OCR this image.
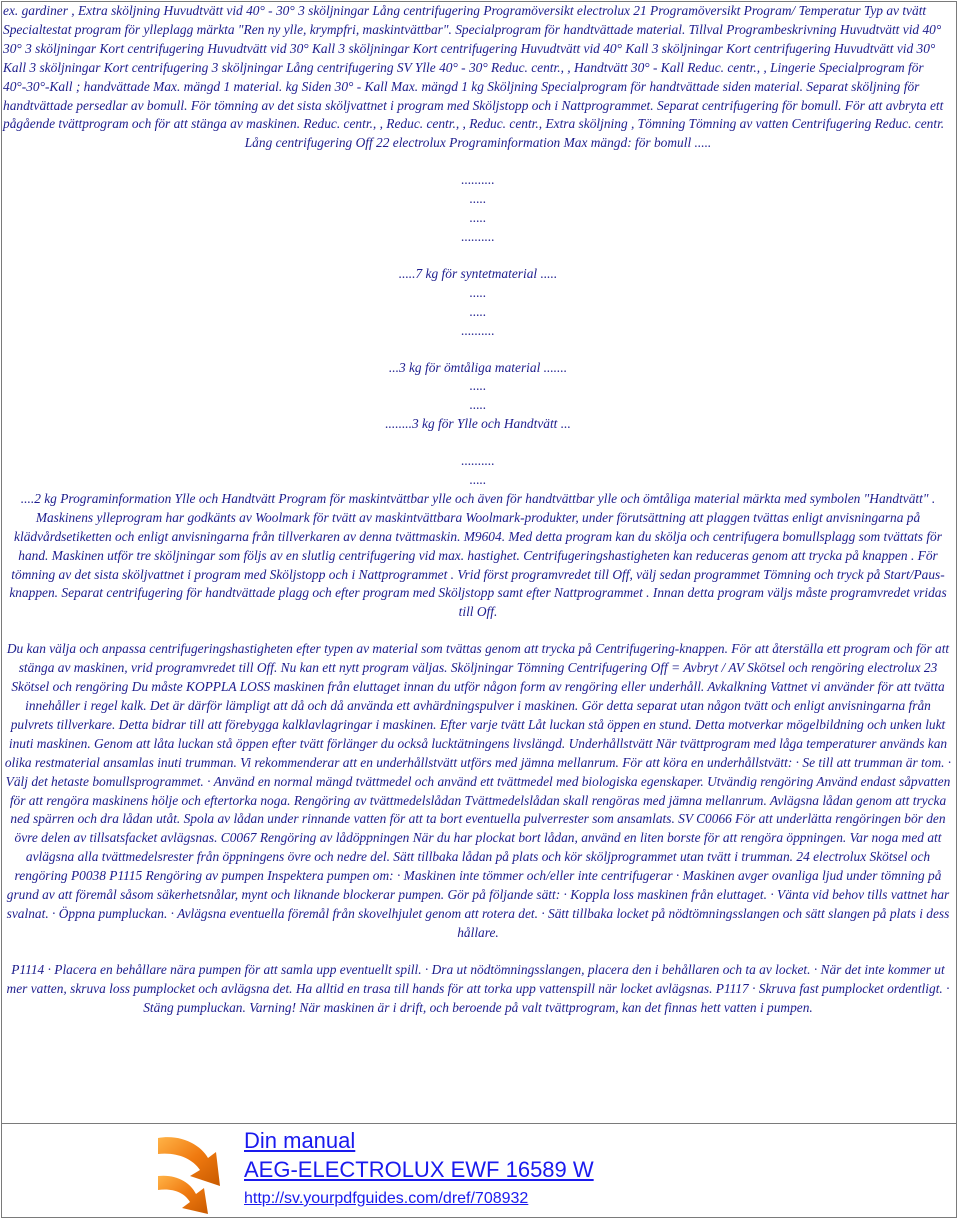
ex. gardiner , Extra sköljning Huvudtvätt vid 40° - 30° 3 sköljningar Lång centrifugering Programöversikt electrolux 21 Programöversikt Program/ Temperatur Typ av tvätt Specialtestat program för ylleplagg märkta "Ren ny ylle, krympfri, maskintvättbar". Specialprogram för handtvättade material. Tillval Programbeskrivning Huvudtvätt vid 40° 30° 3 sköljningar Kort centrifugering Huvudtvätt vid 30° Kall 3 sköljningar Kort centrifugering Huvudtvätt vid 40° Kall 3 sköljningar Kort centrifugering Huvudtvätt vid 30° Kall 3 sköljningar Kort centrifugering 3 sköljningar Lång centrifugering SV Ylle 40° - 30° Reduc. centr., , Handtvätt 30° - Kall Reduc. centr., , Lingerie Specialprogram för 40°-30°-Kall ; handvättade Max. mängd 1 material. kg Siden 30° - Kall Max. mängd 1 kg Sköljning Specialprogram för handtvättade siden material. Separat sköljning för handtvättade persedlar av bomull. För tömning av det sista sköljvattnet i program med Sköljstopp och i Nattprogrammet. Separat centrifugering för bomull. För att avbryta ett pågående tvättprogram och för att stänga av maskinen. Reduc. centr., , Reduc. centr., , Reduc. centr., Extra sköljning , Tömning Tömning av vatten Centrifugering Reduc. centr. Lång centrifugering Off 22 electrolux Programinformation Max mängd: för bomull .....

..........
.....
.....
..........

.....7 kg för syntetmaterial .....
.....
.....
..........

...3 kg för ömtåliga material .......
.....
.....
........3 kg för Ylle och Handtvätt ...

..........
.....
....2 kg Programinformation Ylle och Handtvätt Program för maskintvättbar ylle och även för handtvättbar ylle och ömtåliga material märkta med symbolen "Handtvätt" .
Maskinens ylleprogram har godkänts av Woolmark för tvätt av maskintvättbara Woolmark-produkter, under förutsättning att plaggen tvättas enligt anvisningarna på klädvårdsetiketten och enligt anvisningarna från tillverkaren av denna tvättmaskin. M9604. Med detta program kan du skölja och centrifugera bomullsplagg som tvättats för hand. Maskinen utför tre sköljningar som följs av en slutlig centrifugering vid max. hastighet. Centrifugeringshastigheten kan reduceras genom att trycka på knappen . För tömning av det sista sköljvattnet i program med Sköljstopp och i Nattprogrammet . Vrid först programvredet till Off, välj sedan programmet Tömning och tryck på Start/Paus-knappen. Separat centrifugering för handtvättade plagg och efter program med Sköljstopp samt efter Nattprogrammet . Innan detta program väljs måste programvredet vridas till Off.

Du kan välja och anpassa centrifugeringshastigheten efter typen av material som tvättas genom att trycka på Centrifugering-knappen. För att återställa ett program och för att stänga av maskinen, vrid programvredet till Off. Nu kan ett nytt program väljas. Sköljningar Tömning Centrifugering Off = Avbryt / AV Skötsel och rengöring electrolux 23 Skötsel och rengöring Du måste KOPPLA LOSS maskinen från eluttaget innan du utför någon form av rengöring eller underhåll. Avkalkning Vattnet vi använder för att tvätta innehåller i regel kalk. Det är därför lämpligt att då och då använda ett avhärdningspulver i maskinen. Gör detta separat utan någon tvätt och enligt anvisningarna från pulvrets tillverkare. Detta bidrar till att förebygga kalklavlagringar i maskinen. Efter varje tvätt Låt luckan stå öppen en stund. Detta motverkar mögelbildning och unken lukt inuti maskinen. Genom att låta luckan stå öppen efter tvätt förlänger du också lucktätningens livslängd. Underhållstvätt När tvättprogram med låga temperaturer används kan olika restmaterial ansamlas inuti trumman. Vi rekommenderar att en underhållstvätt utförs med jämna mellanrum. För att köra en underhållstvätt: · Se till att trumman är tom. · Välj det hetaste bomullsprogrammet. · Använd en normal mängd tvättmedel och använd ett tvättmedel med biologiska egenskaper. Utvändig rengöring Använd endast såpvatten för att rengöra maskinens hölje och eftertorka noga. Rengöring av tvättmedelslådan Tvättmedelslådan skall rengöras med jämna mellanrum. Avlägsna lådan genom att trycka ned spärren och dra lådan utåt. Spola av lådan under rinnande vatten för att ta bort eventuella pulverrester som ansamlats. SV C0066 För att underlätta rengöringen bör den övre delen av tillsatsfacket avlägsnas. C0067 Rengöring av lådöppningen När du har plockat bort lådan, använd en liten borste för att rengöra öppningen. Var noga med att avlägsna alla tvättmedelsrester från öppningens övre och nedre del. Sätt tillbaka lådan på plats och kör sköljprogrammet utan tvätt i trumman. 24 electrolux Skötsel och rengöring P0038 P1115 Rengöring av pumpen Inspektera pumpen om: · Maskinen inte tömmer och/eller inte centrifugerar · Maskinen avger ovanliga ljud under tömning på grund av att föremål såsom säkerhetsnålar, mynt och liknande blockerar pumpen. Gör på följande sätt: · Koppla loss maskinen från eluttaget. · Vänta vid behov tills vattnet har svalnat. · Öppna pumpluckan. · Avlägsna eventuella föremål från skovelhjulet genom att rotera det. · Sätt tillbaka locket på nödtömningsslangen och sätt slangen på plats i dess hållare.

P1114 · Placera en behållare nära pumpen för att samla upp eventuellt spill. · Dra ut nödtömningsslangen, placera den i behållaren och ta av locket. · När det inte kommer ut mer vatten, skruva loss pumplocket och avlägsna det. Ha alltid en trasa till hands för att torka upp vattenspill när locket avlägsnas. P1117 · Skruva fast pumplocket ordentligt. · Stäng pumpluckan. Varning! När maskinen är i drift, och beroende på valt tvättprogram, kan det finnas hett vatten i pumpen.

Din manual
AEG-ELECTROLUX EWF 16589 W
http://sv.yourpdfguides.com/dref/708932
